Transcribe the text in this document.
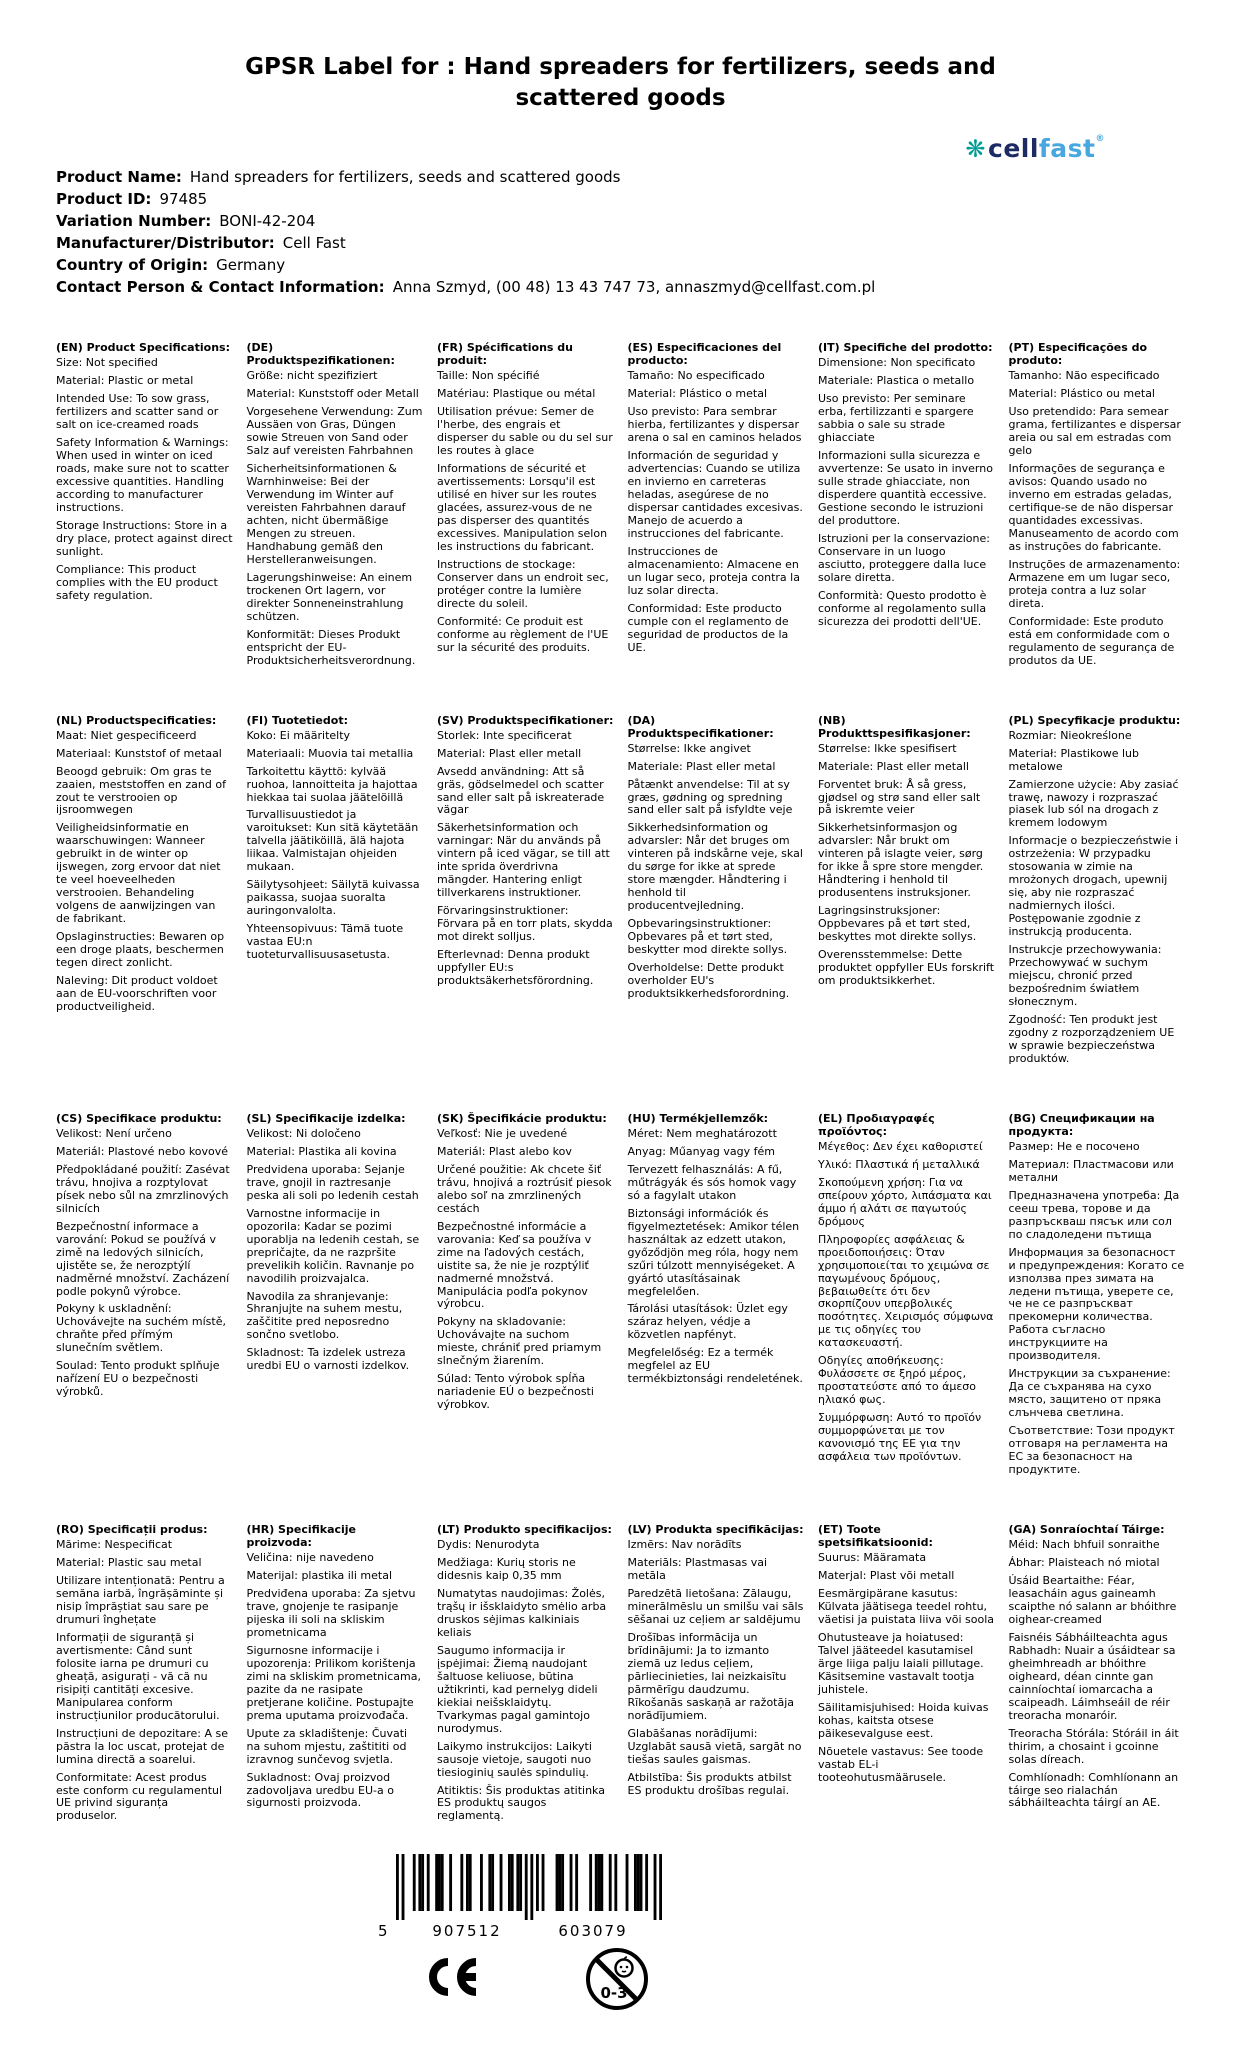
GPSR Label for : Hand spreaders for fertilizers, seeds and scattered goods
❋cellfast®
Product Name: Hand spreaders for fertilizers, seeds and scattered goods
Product ID: 97485
Variation Number: BONI-42-204
Manufacturer/Distributor: Cell Fast
Country of Origin: Germany
Contact Person & Contact Information: Anna Szmyd, (00 48) 13 43 747 73, annaszmyd@cellfast.com.pl
(EN) Product Specifications:

Size: Not specified

Material: Plastic or metal

Intended Use: To sow grass, fertilizers and scatter sand or salt on ice-creamed roads

Safety Information & Warnings: When used in winter on iced roads, make sure not to scatter excessive quantities. Handling according to manufacturer instructions.

Storage Instructions: Store in a dry place, protect against direct sunlight.

Compliance: This product complies with the EU product safety regulation.

(DE) Produktspezifikationen:

Größe: nicht spezifiziert

Material: Kunststoff oder Metall

Vorgesehene Verwendung: Zum Aussäen von Gras, Düngen sowie Streuen von Sand oder Salz auf vereisten Fahrbahnen

Sicherheitsinformationen & Warnhinweise: Bei der Verwendung im Winter auf vereisten Fahrbahnen darauf achten, nicht übermäßige Mengen zu streuen. Handhabung gemäß den Herstelleranweisungen.

Lagerungshinweise: An einem trockenen Ort lagern, vor direkter Sonneneinstrahlung schützen.

Konformität: Dieses Produkt entspricht der EU-Produktsicherheitsverordnung.

(FR) Spécifications du produit:

Taille: Non spécifié

Matériau: Plastique ou métal

Utilisation prévue: Semer de l'herbe, des engrais et disperser du sable ou du sel sur les routes à glace

Informations de sécurité et avertissements: Lorsqu'il est utilisé en hiver sur les routes glacées, assurez-vous de ne pas disperser des quantités excessives. Manipulation selon les instructions du fabricant.

Instructions de stockage: Conserver dans un endroit sec, protéger contre la lumière directe du soleil.

Conformité: Ce produit est conforme au règlement de l'UE sur la sécurité des produits.

(ES) Especificaciones del producto:

Tamaño: No especificado

Material: Plástico o metal

Uso previsto: Para sembrar hierba, fertilizantes y dispersar arena o sal en caminos helados

Información de seguridad y advertencias: Cuando se utiliza en invierno en carreteras heladas, asegúrese de no dispersar cantidades excesivas. Manejo de acuerdo a instrucciones del fabricante.

Instrucciones de almacenamiento: Almacene en un lugar seco, proteja contra la luz solar directa.

Conformidad: Este producto cumple con el reglamento de seguridad de productos de la UE.

(IT) Specifiche del prodotto:

Dimensione: Non specificato

Materiale: Plastica o metallo

Uso previsto: Per seminare erba, fertilizzanti e spargere sabbia o sale su strade ghiacciate

Informazioni sulla sicurezza e avvertenze: Se usato in inverno sulle strade ghiacciate, non disperdere quantità eccessive. Gestione secondo le istruzioni del produttore.

Istruzioni per la conservazione: Conservare in un luogo asciutto, proteggere dalla luce solare diretta.

Conformità: Questo prodotto è conforme al regolamento sulla sicurezza dei prodotti dell'UE.

(PT) Especificações do produto:

Tamanho: Não especificado

Material: Plástico ou metal

Uso pretendido: Para semear grama, fertilizantes e dispersar areia ou sal em estradas com gelo

Informações de segurança e avisos: Quando usado no inverno em estradas geladas, certifique-se de não dispersar quantidades excessivas. Manuseamento de acordo com as instruções do fabricante.

Instruções de armazenamento: Armazene em um lugar seco, proteja contra a luz solar direta.

Conformidade: Este produto está em conformidade com o regulamento de segurança de produtos da UE.

(NL) Productspecificaties:

Maat: Niet gespecificeerd

Materiaal: Kunststof of metaal

Beoogd gebruik: Om gras te zaaien, meststoffen en zand of zout te verstrooien op ijsroomwegen

Veiligheidsinformatie en waarschuwingen: Wanneer gebruikt in de winter op ijswegen, zorg ervoor dat niet te veel hoeveelheden verstrooien. Behandeling volgens de aanwijzingen van de fabrikant.

Opslaginstructies: Bewaren op een droge plaats, beschermen tegen direct zonlicht.

Naleving: Dit product voldoet aan de EU-voorschriften voor productveiligheid.

(FI) Tuotetiedot:

Koko: Ei määritelty

Materiaali: Muovia tai metallia

Tarkoitettu käyttö: kylvää ruohoa, lannoitteita ja hajottaa hiekkaa tai suolaa jäätelöillä

Turvallisuustiedot ja varoitukset: Kun sitä käytetään talvella jäätiköillä, älä hajota liikaa. Valmistajan ohjeiden mukaan.

Säilytysohjeet: Säilytä kuivassa paikassa, suojaa suoralta auringonvalolta.

Yhteensopivuus: Tämä tuote vastaa EU:n tuoteturvallisuusasetusta.

(SV) Produktspecifikationer:

Storlek: Inte specificerat

Material: Plast eller metall

Avsedd användning: Att så gräs, gödselmedel och scatter sand eller salt på iskreaterade vägar

Säkerhetsinformation och varningar: När du används på vintern på iced vägar, se till att inte sprida överdrivna mängder. Hantering enligt tillverkarens instruktioner.

Förvaringsinstruktioner: Förvara på en torr plats, skydda mot direkt solljus.

Efterlevnad: Denna produkt uppfyller EU:s produktsäkerhetsförordning.

(DA) Produktspecifikationer:

Størrelse: Ikke angivet

Materiale: Plast eller metal

Påtænkt anvendelse: Til at sy græs, gødning og spredning sand eller salt på isfyldte veje

Sikkerhedsinformation og advarsler: Når det bruges om vinteren på indskårne veje, skal du sørge for ikke at sprede store mængder. Håndtering i henhold til producentvejledning.

Opbevaringsinstruktioner: Opbevares på et tørt sted, beskytter mod direkte sollys.

Overholdelse: Dette produkt overholder EU's produktsikkerhedsforordning.

(NB) Produkttspesifikasjoner:

Størrelse: Ikke spesifisert

Materiale: Plast eller metall

Forventet bruk: Å så gress, gjødsel og strø sand eller salt på iskremte veier

Sikkerhetsinformasjon og advarsler: Når brukt om vinteren på islagte veier, sørg for ikke å spre store mengder. Håndtering i henhold til produsentens instruksjoner.

Lagringsinstruksjoner: Oppbevares på et tørt sted, beskyttes mot direkte sollys.

Overensstemmelse: Dette produktet oppfyller EUs forskrift om produktsikkerhet.

(PL) Specyfikacje produktu:

Rozmiar: Nieokreślone

Materiał: Plastikowe lub metalowe

Zamierzone użycie: Aby zasiać trawę, nawozy i rozpraszać piasek lub sól na drogach z kremem lodowym

Informacje o bezpieczeństwie i ostrzeżenia: W przypadku stosowania w zimie na mrożonych drogach, upewnij się, aby nie rozpraszać nadmiernych ilości. Postępowanie zgodnie z instrukcją producenta.

Instrukcje przechowywania: Przechowywać w suchym miejscu, chronić przed bezpośrednim światłem słonecznym.

Zgodność: Ten produkt jest zgodny z rozporządzeniem UE w sprawie bezpieczeństwa produktów.

(CS) Specifikace produktu:

Velikost: Není určeno

Materiál: Plastové nebo kovové

Předpokládané použití: Zasévat trávu, hnojiva a rozptylovat písek nebo sůl na zmrzlinových silnicích

Bezpečnostní informace a varování: Pokud se používá v zimě na ledových silnicích, ujistěte se, že nerozptýlí nadměrné množství. Zacházení podle pokynů výrobce.

Pokyny k uskladnění: Uchovávejte na suchém místě, chraňte před přímým slunečním světlem.

Soulad: Tento produkt splňuje nařízení EU o bezpečnosti výrobků.

(SL) Specifikacije izdelka:

Velikost: Ni določeno

Material: Plastika ali kovina

Predvidena uporaba: Sejanje trave, gnojil in raztresanje peska ali soli po ledenih cestah

Varnostne informacije in opozorila: Kadar se pozimi uporablja na ledenih cestah, se prepričajte, da ne razpršite prevelikih količin. Ravnanje po navodilih proizvajalca.

Navodila za shranjevanje: Shranjujte na suhem mestu, zaščitite pred neposredno sončno svetlobo.

Skladnost: Ta izdelek ustreza uredbi EU o varnosti izdelkov.

(SK) Špecifikácie produktu:

Veľkosť: Nie je uvedené

Materiál: Plast alebo kov

Určené použitie: Ak chcete šiť trávu, hnojivá a roztrúsiť piesok alebo soľ na zmrzlinených cestách

Bezpečnostné informácie a varovania: Keď sa používa v zime na ľadových cestách, uistite sa, že nie je rozptýliť nadmerné množstvá. Manipulácia podľa pokynov výrobcu.

Pokyny na skladovanie: Uchovávajte na suchom mieste, chrániť pred priamym slnečným žiarením.

Súlad: Tento výrobok spĺňa nariadenie EÚ o bezpečnosti výrobkov.

(HU) Termékjellemzők:

Méret: Nem meghatározott

Anyag: Műanyag vagy fém

Tervezett felhasználás: A fű, műtrágyák és sós homok vagy só a fagylalt utakon

Biztonsági információk és figyelmeztetések: Amikor télen használtak az edzett utakon, győződjön meg róla, hogy nem szűri túlzott mennyiségeket. A gyártó utasításainak megfelelően.

Tárolási utasítások: Üzlet egy száraz helyen, védje a közvetlen napfényt.

Megfelelőség: Ez a termék megfelel az EU termékbiztonsági rendeletének.

(EL) Προδιαγραφές προϊόντος:

Μέγεθος: Δεν έχει καθοριστεί

Υλικό: Πλαστικά ή μεταλλικά

Σκοπούμενη χρήση: Για να σπείρουν χόρτο, λιπάσματα και άμμο ή αλάτι σε παγωτούς δρόμους

Πληροφορίες ασφάλειας & προειδοποιήσεις: Όταν χρησιμοποιείται το χειμώνα σε παγωμένους δρόμους, βεβαιωθείτε ότι δεν σκορπίζουν υπερβολικές ποσότητες. Χειρισμός σύμφωνα με τις οδηγίες του κατασκευαστή.

Οδηγίες αποθήκευσης: Φυλάσσετε σε ξηρό μέρος, προστατεύστε από το άμεσο ηλιακό φως.

Συμμόρφωση: Αυτό το προϊόν συμμορφώνεται με τον κανονισμό της ΕΕ για την ασφάλεια των προϊόντων.

(BG) Спецификации на продукта:

Размер: Не е посочено

Материал: Пластмасови или метални

Предназначена употреба: Да сееш трева, торове и да разпръскваш пясък или сол по сладоледени пътища

Информация за безопасност и предупреждения: Когато се използва през зимата на ледени пътища, уверете се, че не се разпръскват прекомерни количества. Работа съгласно инструкциите на производителя.

Инструкции за съхранение: Да се съхранява на сухо място, защитено от пряка слънчева светлина.

Съответствие: Този продукт отговаря на регламента на ЕС за безопасност на продуктите.

(RO) Specificații produs:

Mărime: Nespecificat

Material: Plastic sau metal

Utilizare intenționată: Pentru a semăna iarbă, îngrășăminte și nisip împrăștiat sau sare pe drumuri înghețate

Informații de siguranță și avertismente: Când sunt folosite iarna pe drumuri cu gheață, asigurați - vă că nu risipiți cantități excesive. Manipularea conform instrucțiunilor producătorului.

Instrucțiuni de depozitare: A se păstra la loc uscat, protejat de lumina directă a soarelui.

Conformitate: Acest produs este conform cu regulamentul UE privind siguranța produselor.

(HR) Specifikacije proizvoda:

Veličina: nije navedeno

Materijal: plastika ili metal

Predviđena uporaba: Za sjetvu trave, gnojenje te rasipanje pijeska ili soli na skliskim prometnicama

Sigurnosne informacije i upozorenja: Prilikom korištenja zimi na skliskim prometnicama, pazite da ne rasipate pretjerane količine. Postupajte prema uputama proizvođača.

Upute za skladištenje: Čuvati na suhom mjestu, zaštititi od izravnog sunčevog svjetla.

Sukladnost: Ovaj proizvod zadovoljava uredbu EU-a o sigurnosti proizvoda.

(LT) Produkto specifikacijos:

Dydis: Nenurodyta

Medžiaga: Kurių storis ne didesnis kaip 0,35 mm

Numatytas naudojimas: Žolės, trąšų ir išsklaidyto smėlio arba druskos sėjimas kalkiniais keliais

Saugumo informacija ir įspėjimai: Žiemą naudojant šaltuose keliuose, būtina užtikrinti, kad pernelyg dideli kiekiai neišsklaidytų. Tvarkymas pagal gamintojo nurodymus.

Laikymo instrukcijos: Laikyti sausoje vietoje, saugoti nuo tiesioginių saulės spindulių.

Atitiktis: Šis produktas atitinka ES produktų saugos reglamentą.

(LV) Produkta specifikācijas:

Izmērs: Nav norādīts

Materiāls: Plastmasas vai metāla

Paredzētā lietošana: Zālaugu, minerālmēslu un smilšu vai sāls sēšanai uz ceļiem ar saldējumu

Drošības informācija un brīdinājumi: Ja to izmanto ziemā uz ledus ceļiem, pārliecinieties, lai neizkaisītu pārmērīgu daudzumu. Rīkošanās saskaņā ar ražotāja norādījumiem.

Glabāšanas norādījumi: Uzglabāt sausā vietā, sargāt no tiešas saules gaismas.

Atbilstība: Šis produkts atbilst ES produktu drošības regulai.

(ET) Toote spetsifikatsioonid:

Suurus: Määramata

Materjal: Plast või metall

Eesmärgipärane kasutus: Külvata jäätisega teedel rohtu, väetisi ja puistata liiva või soola

Ohutusteave ja hoiatused: Talvel jääteedel kasutamisel ärge liiga palju laiali pillutage. Käsitsemine vastavalt tootja juhistele.

Säilitamisjuhised: Hoida kuivas kohas, kaitsta otsese päikesevalguse eest.

Nõuetele vastavus: See toode vastab EL-i tooteohutusmäärusele.

(GA) Sonraíochtaí Táirge:

Méid: Nach bhfuil sonraithe

Ábhar: Plaisteach nó miotal

Úsáid Beartaithe: Féar, leasacháin agus gaineamh scaipthe nó salann ar bhóithre oighear-creamed

Faisnéis Sábháilteachta agus Rabhadh: Nuair a úsáidtear sa gheimhreadh ar bhóithre oigheard, déan cinnte gan cainníochtaí iomarcacha a scaipeadh. Láimhseáil de réir treoracha monaróir.

Treoracha Stórála: Stóráil in áit thirim, a chosaint i gcoinne solas díreach.

Comhlíonadh: Comhlíonann an táirge seo rialachán sábháilteachta táirgí an AE.

5	907512	603079
0-3
